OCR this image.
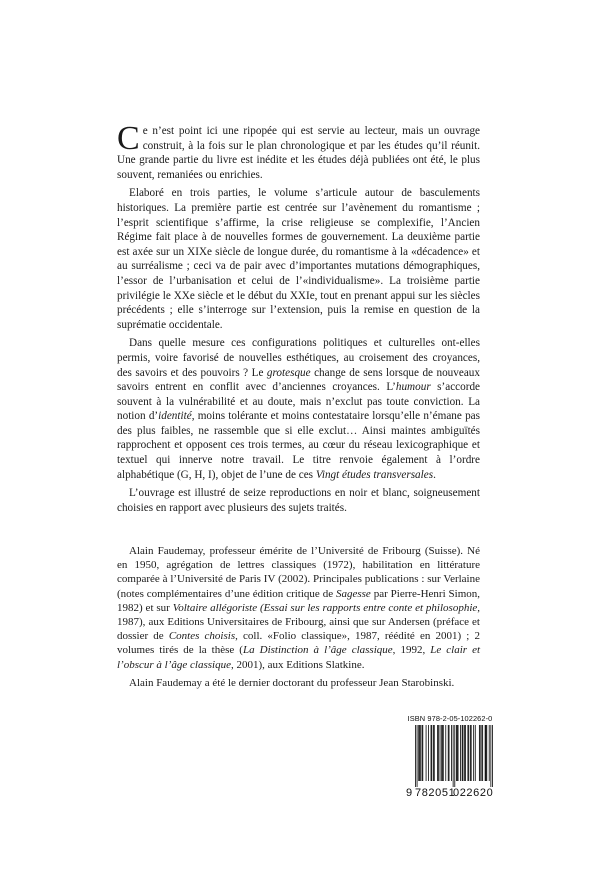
Ce n’est point ici une ripopée qui est servie au lecteur, mais un ouvrage construit, à la fois sur le plan chronologique et par les études qu’il réunit. Une grande partie du livre est inédite et les études déjà publiées ont été, le plus souvent, remaniées ou enrichies.

Elaboré en trois parties, le volume s’articule autour de basculements historiques. La première partie est centrée sur l’avènement du romantisme ; l’esprit scientifique s’affirme, la crise religieuse se complexifie, l’Ancien Régime fait place à de nouvelles formes de gouvernement. La deuxième partie est axée sur un XIXe siècle de longue durée, du romantisme à la «décadence» et au surréalisme ; ceci va de pair avec d’importantes mutations démographiques, l’essor de l’urbanisation et celui de l’«individualisme». La troisième partie privilégie le XXe siècle et le début du XXIe, tout en prenant appui sur les siècles précédents ; elle s’interroge sur l’extension, puis la remise en question de la suprématie occidentale.

Dans quelle mesure ces configurations politiques et culturelles ont-elles permis, voire favorisé de nouvelles esthétiques, au croisement des croyances, des savoirs et des pouvoirs ? Le grotesque change de sens lorsque de nouveaux savoirs entrent en conflit avec d’anciennes croyances. L’humour s’accorde souvent à la vulnérabilité et au doute, mais n’exclut pas toute conviction. La notion d’identité, moins tolérante et moins contestataire lorsqu’elle n’émane pas des plus faibles, ne rassemble que si elle exclut… Ainsi maintes ambiguïtés rapprochent et opposent ces trois termes, au cœur du réseau lexicographique et textuel qui innerve notre travail. Le titre renvoie également à l’ordre alphabétique (G, H, I), objet de l’une de ces Vingt études transversales.

L’ouvrage est illustré de seize reproductions en noir et blanc, soigneusement choisies en rapport avec plusieurs des sujets traités.

Alain Faudemay, professeur émérite de l’Université de Fribourg (Suisse). Né en 1950, agrégation de lettres classiques (1972), habilitation en littérature comparée à l’Université de Paris IV (2002). Principales publications : sur Verlaine (notes complémentaires d’une édition critique de Sagesse par Pierre-Henri Simon, 1982) et sur Voltaire allégoriste (Essai sur les rapports entre conte et philosophie, 1987), aux Editions Universitaires de Fribourg, ainsi que sur Andersen (préface et dossier de Contes choisis, coll. «Folio classique», 1987, réédité en 2001) ; 2 volumes tirés de la thèse (La Distinction à l’âge classique, 1992, Le clair et l’obscur à l’âge classique, 2001), aux Editions Slatkine.

Alain Faudemay a été le dernier doctorant du professeur Jean Starobinski.

ISBN 978-2-05-102262-0
9 782051
022620
